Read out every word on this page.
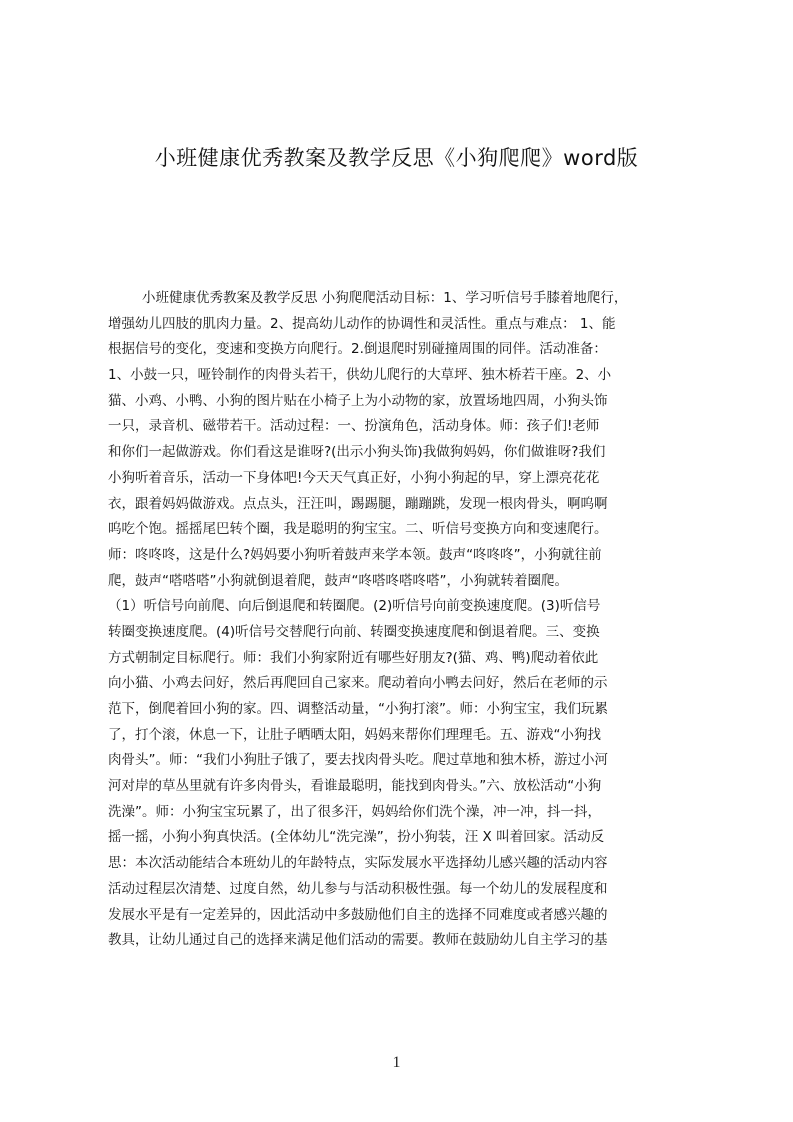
小班健康优秀教案及教学反思《小狗爬爬》word版
小班健康优秀教案及教学反思 小狗爬爬活动目标：1、学习听信号手膝着地爬行，
增强幼儿四肢的肌肉力量。2、提高幼儿动作的协调性和灵活性。重点与难点： 1、能
根据信号的变化，变速和变换方向爬行。2.倒退爬时别碰撞周围的同伴。活动准备：
1、小鼓一只，哑铃制作的肉骨头若干，供幼儿爬行的大草坪、独木桥若干座。2、小
猫、小鸡、小鸭、小狗的图片贴在小椅子上为小动物的家，放置场地四周，小狗头饰
一只，录音机、磁带若干。活动过程：一、扮演角色，活动身体。师：孩子们!老师
和你们一起做游戏。你们看这是谁呀?(出示小狗头饰)我做狗妈妈，你们做谁呀?我们
小狗听着音乐，活动一下身体吧!今天天气真正好，小狗小狗起的早，穿上漂亮花花
衣，跟着妈妈做游戏。点点头，汪汪叫，踢踢腿，蹦蹦跳，发现一根肉骨头，啊呜啊
呜吃个饱。摇摇尾巴转个圈，我是聪明的狗宝宝。二、听信号变换方向和变速爬行。
师：咚咚咚，这是什么?妈妈要小狗听着鼓声来学本领。鼓声“咚咚咚”，小狗就往前
爬，鼓声“嗒嗒嗒”小狗就倒退着爬，鼓声“咚嗒咚嗒咚嗒”，小狗就转着圈爬。
（1）听信号向前爬、向后倒退爬和转圈爬。(2)听信号向前变换速度爬。(3)听信号
转圈变换速度爬。(4)听信号交替爬行向前、转圈变换速度爬和倒退着爬。三、变换
方式朝制定目标爬行。师：我们小狗家附近有哪些好朋友?(猫、鸡、鸭)爬动着依此
向小猫、小鸡去问好，然后再爬回自己家来。爬动着向小鸭去问好，然后在老师的示
范下，倒爬着回小狗的家。四、调整活动量，“小狗打滚”。师：小狗宝宝，我们玩累
了，打个滚，休息一下，让肚子晒晒太阳，妈妈来帮你们理理毛。五、游戏“小狗找
肉骨头”。师：“我们小狗肚子饿了，要去找肉骨头吃。爬过草地和独木桥，游过小河
河对岸的草丛里就有许多肉骨头，看谁最聪明，能找到肉骨头。”六、放松活动“小狗
洗澡”。师：小狗宝宝玩累了，出了很多汗，妈妈给你们洗个澡，冲一冲，抖一抖，
摇一摇，小狗小狗真快活。(全体幼儿“洗完澡”，扮小狗装，汪 X 叫着回家。活动反
思：本次活动能结合本班幼儿的年龄特点，实际发展水平选择幼儿感兴趣的活动内容
活动过程层次清楚、过度自然，幼儿参与与活动积极性强。每一个幼儿的发展程度和
发展水平是有一定差异的，因此活动中多鼓励他们自主的选择不同难度或者感兴趣的
教具，让幼儿通过自己的选择来满足他们活动的需要。教师在鼓励幼儿自主学习的基
1
